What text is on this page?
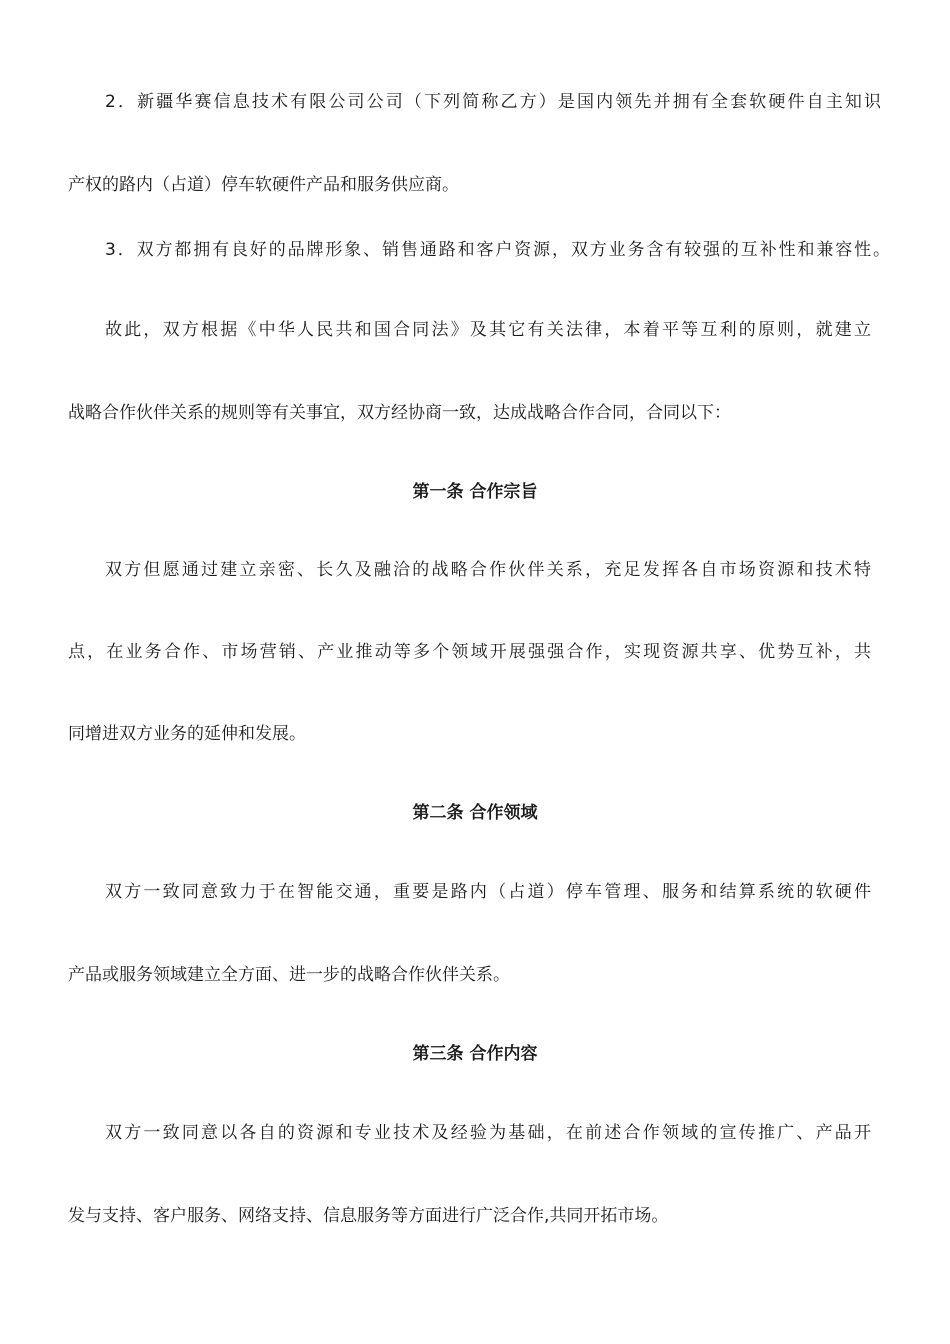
2．新疆华赛信息技术有限公司公司（下列简称乙方）是国内领先并拥有全套软硬件自主知识
产权的路内（占道）停车软硬件产品和服务供应商。
3．双方都拥有良好的品牌形象、销售通路和客户资源，双方业务含有较强的互补性和兼容性。
故此，双方根据《中华人民共和国合同法》及其它有关法律，本着平等互利的原则，就建立
战略合作伙伴关系的规则等有关事宜，双方经协商一致，达成战略合作合同，合同以下：
第一条 合作宗旨
双方但愿通过建立亲密、长久及融洽的战略合作伙伴关系，充足发挥各自市场资源和技术特
点，在业务合作、市场营销、产业推动等多个领域开展强强合作，实现资源共享、优势互补，共
同增进双方业务的延伸和发展。
第二条 合作领域
双方一致同意致力于在智能交通，重要是路内（占道）停车管理、服务和结算系统的软硬件
产品或服务领域建立全方面、进一步的战略合作伙伴关系。
第三条 合作内容
双方一致同意以各自的资源和专业技术及经验为基础，在前述合作领域的宣传推广、产品开
发与支持、客户服务、网络支持、信息服务等方面进行广泛合作,共同开拓市场。
